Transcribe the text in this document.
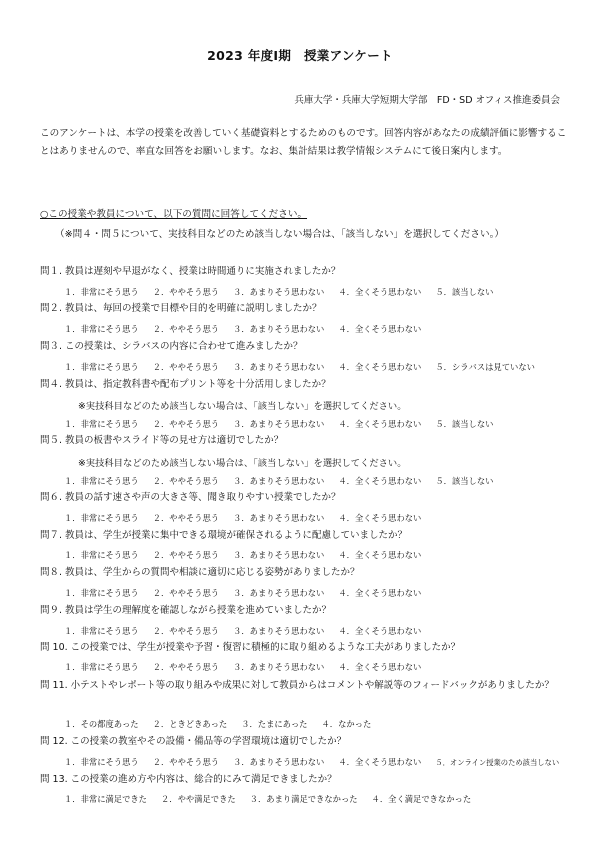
2023 年度Ⅰ期　授業アンケート
兵庫大学・兵庫大学短期大学部　FD・SD オフィス推進委員会
このアンケートは、本学の授業を改善していく基礎資料とするためのものです。回答内容があなたの成績評価に影響することはありませんので、率直な回答をお願いします。なお、集計結果は教学情報システムにて後日案内します。
○この授業や教員について、以下の質問に回答してください。
（※問４・問５について、実技科目などのため該当しない場合は、「該当しない」を選択してください。）
問１. 教員は遅刻や早退がなく、授業は時間通りに実施されましたか？
１．非常にそう思う ２．ややそう思う ３．あまりそう思わない ４．全くそう思わない ５．該当しない
問２. 教員は、毎回の授業で目標や目的を明確に説明しましたか？
１．非常にそう思う ２．ややそう思う ３．あまりそう思わない ４．全くそう思わない
問３. この授業は、シラバスの内容に合わせて進みましたか？
１．非常にそう思う ２．ややそう思う ３．あまりそう思わない ４．全くそう思わない ５．シラバスは見ていない
問４. 教員は、指定教科書や配布プリント等を十分活用しましたか？
※実技科目などのため該当しない場合は、「該当しない」を選択してください。
１．非常にそう思う ２．ややそう思う ３．あまりそう思わない ４．全くそう思わない ５．該当しない
問５. 教員の板書やスライド等の見せ方は適切でしたか？
※実技科目などのため該当しない場合は、「該当しない」を選択してください。
１．非常にそう思う ２．ややそう思う ３．あまりそう思わない ４．全くそう思わない ５．該当しない
問６. 教員の話す速さや声の大きさ等、聞き取りやすい授業でしたか？
１．非常にそう思う ２．ややそう思う ３．あまりそう思わない ４．全くそう思わない
問７. 教員は、学生が授業に集中できる環境が確保されるように配慮していましたか？
１．非常にそう思う ２．ややそう思う ３．あまりそう思わない ４．全くそう思わない
問８. 教員は、学生からの質問や相談に適切に応じる姿勢がありましたか？
１．非常にそう思う ２．ややそう思う ３．あまりそう思わない ４．全くそう思わない
問９. 教員は学生の理解度を確認しながら授業を進めていましたか？
１．非常にそう思う ２．ややそう思う ３．あまりそう思わない ４．全くそう思わない
問 10. この授業では、学生が授業や予習・復習に積極的に取り組めるような工夫がありましたか？
１．非常にそう思う ２．ややそう思う ３．あまりそう思わない ４．全くそう思わない
問 11. 小テストやレポート等の取り組みや成果に対して教員からはコメントや解説等のフィードバックがありましたか？
１．その都度あった ２．ときどきあった ３．たまにあった ４．なかった
問 12. この授業の教室やその設備・備品等の学習環境は適切でしたか？
１．非常にそう思う ２．ややそう思う ３．あまりそう思わない ４．全くそう思わない ５．オンライン授業のため該当しない
問 13. この授業の進め方や内容は、総合的にみて満足できましたか？
１．非常に満足できた ２．やや満足できた ３．あまり満足できなかった ４．全く満足できなかった
